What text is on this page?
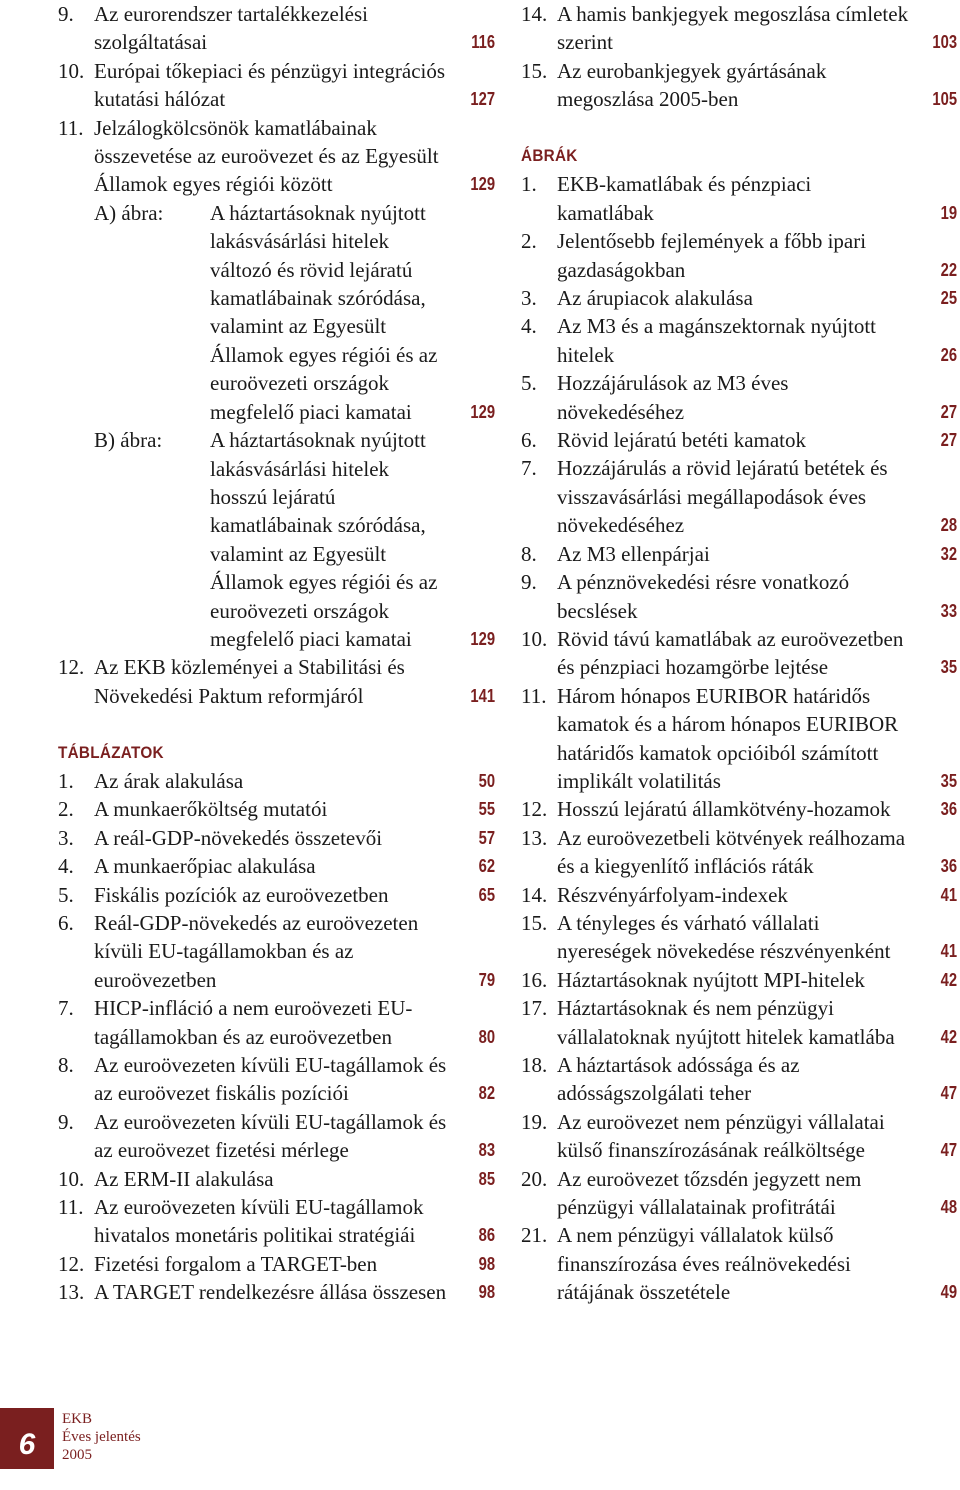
9. Az eurorendszer tartalékkezelési szolgáltatásai	116
10. Európai tőkepiaci és pénzügyi integrációs kutatási hálózat	127
11. Jelzálogkölcsönök kamatlábainak összevetése az euroövezet és az Egyesült Államok egyes régiói között	129
A) ábra:	A háztartásoknak nyújtott lakásvásárlási hitelek változó és rövid lejáratú kamatlábainak szóródása, valamint az Egyesült Államok egyes régiói és az euroövezeti országok megfelelő piaci kamatai	129
B) ábra:	A háztartásoknak nyújtott lakásvásárlási hitelek hosszú lejáratú kamatlábainak szóródása, valamint az Egyesült Államok egyes régiói és az euroövezeti országok megfelelő piaci kamatai	129
12. Az EKB közleményei a Stabilitási és Növekedési Paktum reformjáról	141
TÁBLÁZATOK
1. Az árak alakulása	50
2. A munkaerőköltség mutatói	55
3. A reál-GDP-növekedés összetevői	57
4. A munkaerőpiac alakulása	62
5. Fiskális pozíciók az euroövezetben	65
6. Reál-GDP-növekedés az euroövezeten kívüli EU-tagállamokban és az euroövezetben	79
7. HICP-infláció a nem euroövezeti EU-tagállamokban és az euroövezetben	80
8. Az euroövezeten kívüli EU-tagállamok és az euroövezet fiskális pozíciói	82
9. Az euroövezeten kívüli EU-tagállamok és az euroövezet fizetési mérlege	83
10. Az ERM-II alakulása	85
11. Az euroövezeten kívüli EU-tagállamok hivatalos monetáris politikai stratégiái	86
12. Fizetési forgalom a TARGET-ben	98
13. A TARGET rendelkezésre állása összesen	98
14. A hamis bankjegyek megoszlása címletek szerint	103
15. Az eurobankjegyek gyártásának megoszlása 2005-ben	105
ÁBRÁK
1. EKB-kamatlábak és pénzpiaci kamatlábak	19
2. Jelentősebb fejlemények a főbb ipari gazdaságokban	22
3. Az árupiacok alakulása	25
4. Az M3 és a magánszektornak nyújtott hitelek	26
5. Hozzájárulások az M3 éves növekedéséhez	27
6. Rövid lejáratú betéti kamatok	27
7. Hozzájárulás a rövid lejáratú betétek és visszavásárlási megállapodások éves növekedéséhez	28
8. Az M3 ellenpárjai	32
9. A pénznövekedési résre vonatkozó becslések	33
10. Rövid távú kamatlábak az euroövezetben és pénzpiaci hozamgörbe lejtése	35
11. Három hónapos EURIBOR határidős kamatok és a három hónapos EURIBOR határidős kamatok opcióiból számított implikált volatilitás	35
12. Hosszú lejáratú államkötvény-hozamok	36
13. Az euroövezetbeli kötvények reálhozama és a kiegyenlítő inflációs ráták	36
14. Részvényárfolyam-indexek	41
15. A tényleges és várható vállalati nyereségek növekedése részvényenként	41
16. Háztartásoknak nyújtott MPI-hitelek	42
17. Háztartásoknak és nem pénzügyi vállalatoknak nyújtott hitelek kamatlába	42
18. A háztartások adóssága és az adósságszolgálati teher	47
19. Az euroövezet nem pénzügyi vállalatai külső finanszírozásának reálköltsége	47
20. Az euroövezet tőzsdén jegyzett nem pénzügyi vállalatainak profitrátái	48
21. A nem pénzügyi vállalatok külső finanszírozása éves reálnövekedési rátájának összetétele	49
6
EKB
Éves jelentés
2005
